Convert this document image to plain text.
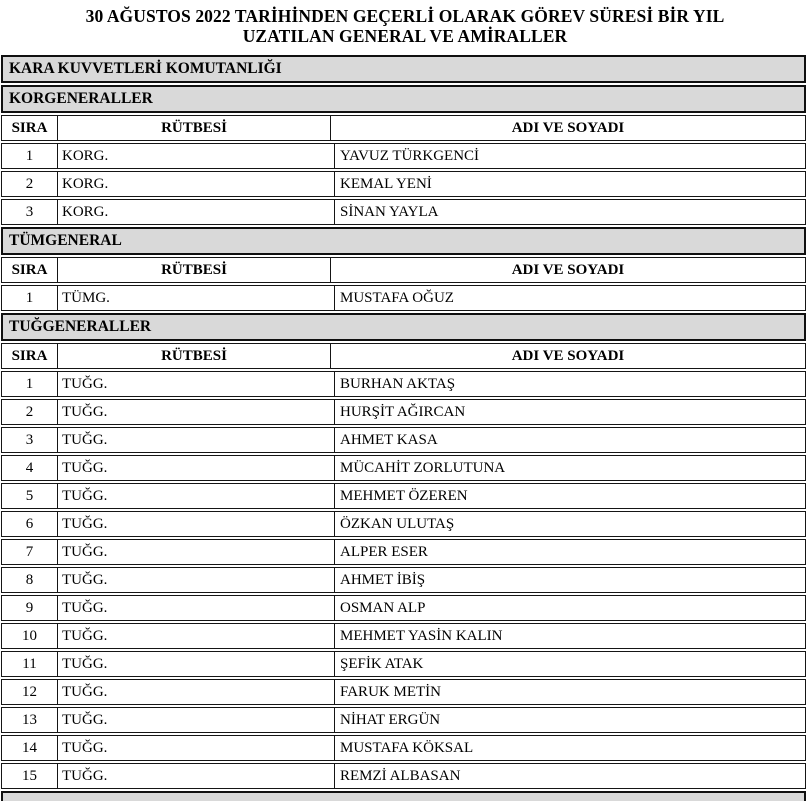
30 AĞUSTOS 2022 TARİHİNDEN GEÇERLİ OLARAK GÖREV SÜRESİ BİR YIL UZATILAN GENERAL VE AMİRALLER
KARA KUVVETLERİ KOMUTANLIĞI
KORGENERALLER
SIRA	RÜTBESİ	ADI VE SOYADI
1	KORG.	YAVUZ TÜRKGENCİ
2	KORG.	KEMAL YENİ
3	KORG.	SİNAN YAYLA
TÜMGENERAL
SIRA	RÜTBESİ	ADI VE SOYADI
1	TÜMG.	MUSTAFA OĞUZ
TUĞGENERALLER
SIRA	RÜTBESİ	ADI VE SOYADI
1	TUĞG.	BURHAN AKTAŞ
2	TUĞG.	HURŞİT AĞIRCAN
3	TUĞG.	AHMET KASA
4	TUĞG.	MÜCAHİT ZORLUTUNA
5	TUĞG.	MEHMET ÖZEREN
6	TUĞG.	ÖZKAN ULUTAŞ
7	TUĞG.	ALPER ESER
8	TUĞG.	AHMET İBİŞ
9	TUĞG.	OSMAN ALP
10	TUĞG.	MEHMET YASİN KALIN
11	TUĞG.	ŞEFİK ATAK
12	TUĞG.	FARUK METİN
13	TUĞG.	NİHAT ERGÜN
14	TUĞG.	MUSTAFA KÖKSAL
15	TUĞG.	REMZİ ALBASAN
